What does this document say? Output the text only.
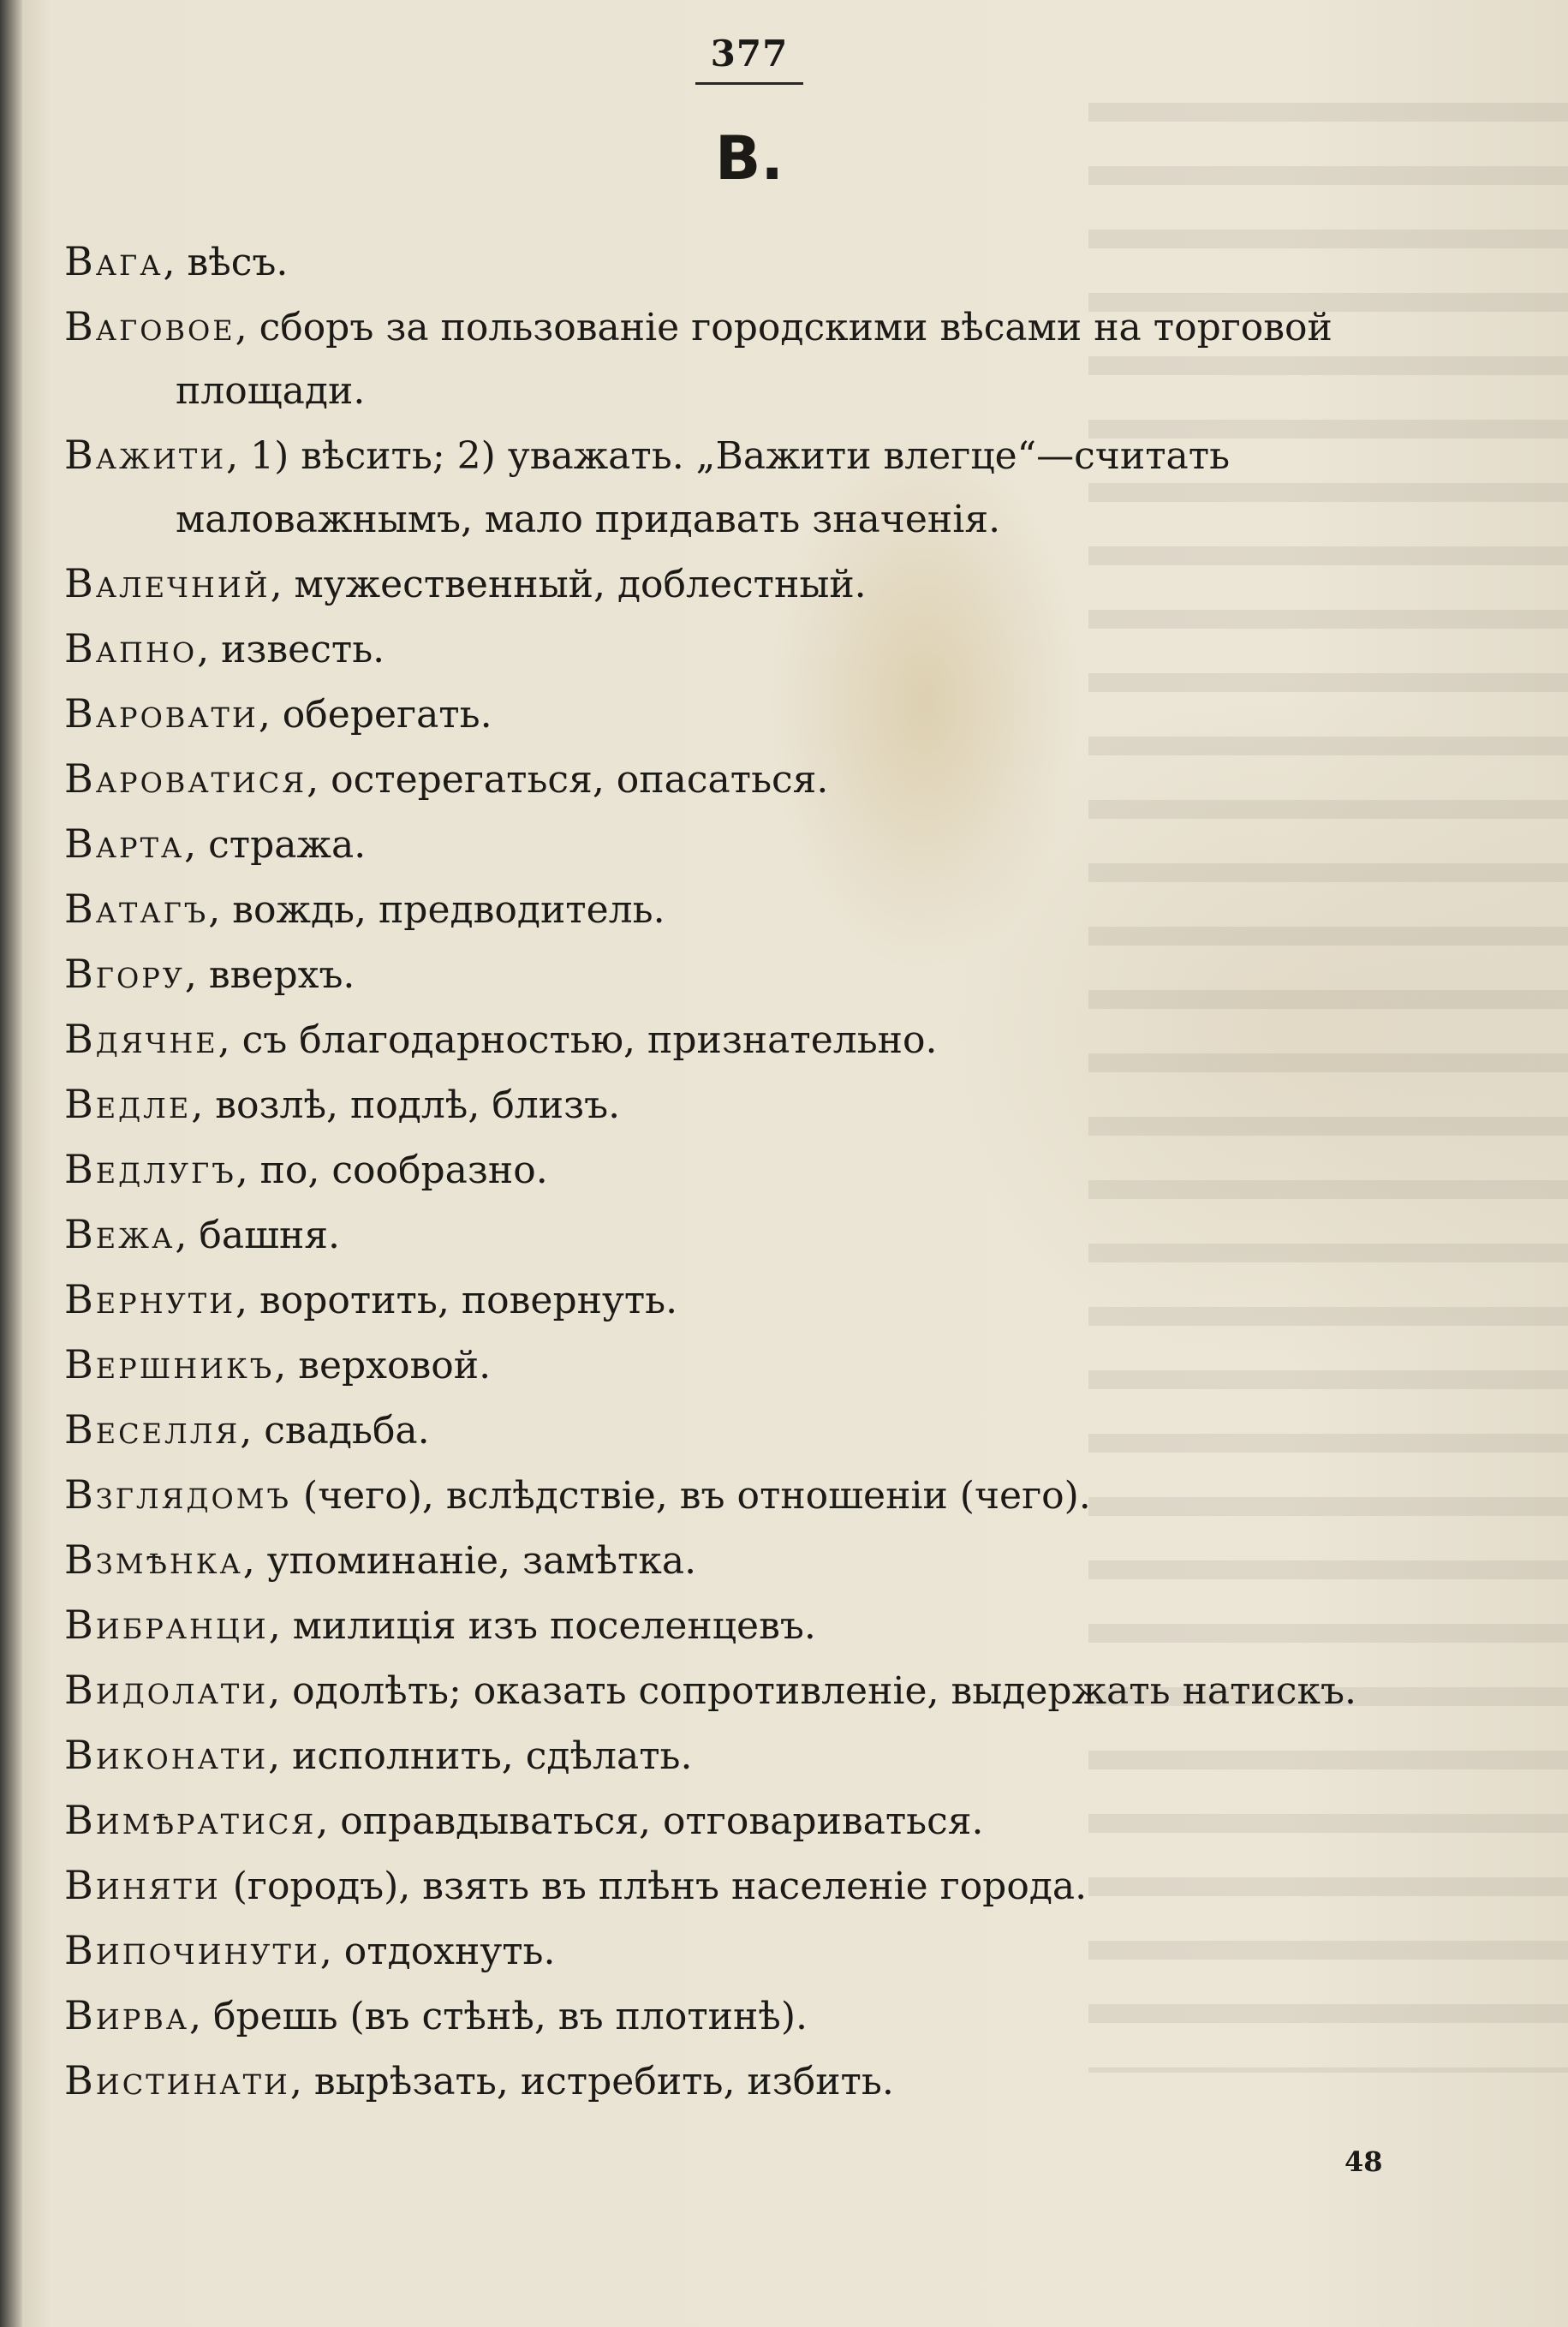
377
В.
Вага, вѣсъ.
Ваговое, сборъ за пользованіе городскими вѣсами на торговой площади.
Важити, 1) вѣсить; 2) уважать. „Важити влегце“—считать маловажнымъ, мало придавать значенія.
Валечний, мужественный, доблестный.
Вапно, известь.
Варовати, оберегать.
Вароватися, остерегаться, опасаться.
Варта, стража.
Ватагъ, вождь, предводитель.
Вгору, вверхъ.
Вдячне, съ благодарностью, признательно.
Ведле, возлѣ, подлѣ, близъ.
Ведлугъ, по, сообразно.
Вежа, башня.
Вернути, воротить, повернуть.
Вершникъ, верховой.
Веселля, свадьба.
Взглядомъ (чего), вслѣдствіе, въ отношеніи (чего).
Взмѣнка, упоминаніе, замѣтка.
Вибранци, милиція изъ поселенцевъ.
Видолати, одолѣть; оказать сопротивленіе, выдержать натискъ.
Виконати, исполнить, сдѣлать.
Вимѣратися, оправдываться, отговариваться.
Виняти (городъ), взять въ плѣнъ населеніе города.
Випочинути, отдохнуть.
Вирва, брешь (въ стѣнѣ, въ плотинѣ).
Вистинати, вырѣзать, истребить, избить.
48
